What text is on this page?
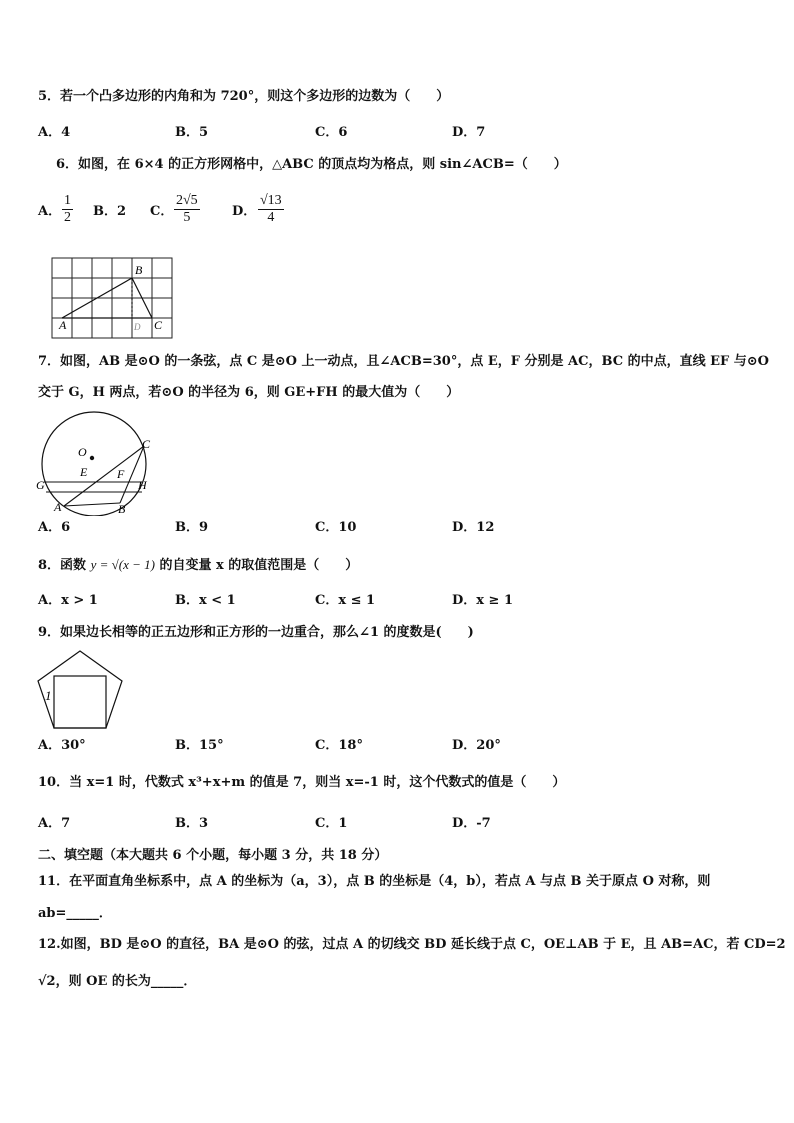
5．若一个凸多边形的内角和为 720°，则这个多边形的边数为（　　）
A．4	B．5	C．6	D．7
6．如图，在 6×4 的正方形网格中，△ABC 的顶点均为格点，则 sin∠ACB=（　　）
A． $\frac{1}{2}$ B．2 C． $\frac{2√5}{5}$ D． $\frac{√13}{4}$
B
A	C
D
7．如图，AB 是⊙O 的一条弦，点 C 是⊙O 上一动点，且∠ACB=30°，点 E，F 分别是 AC，BC 的中点，直线 EF 与⊙O
交于 G，H 两点，若⊙O 的半径为 6，则 GE+FH 的最大值为（　　）
O
C
E F
G	H
A	B
A．6	B．9	C．10	D．12
8．函数 y = √(x − 1) 的自变量 x 的取值范围是（　　）
A．x > 1	B．x < 1	C．x ≤ 1	D．x ≥ 1
9．如果边长相等的正五边形和正方形的一边重合，那么∠1 的度数是(　　)
1
A．30°	B．15°	C．18°	D．20°
10．当 x=1 时，代数式 x³+x+m 的值是 7，则当 x=-1 时，这个代数式的值是（　　）
A．7	B．3	C．1	D．-7
二、填空题（本大题共 6 个小题，每小题 3 分，共 18 分）
11．在平面直角坐标系中，点 A 的坐标为（a，3），点 B 的坐标是（4，b），若点 A 与点 B 关于原点 O 对称，则
ab=_____．
12.如图，BD 是⊙O 的直径，BA 是⊙O 的弦，过点 A 的切线交 BD 延长线于点 C，OE⊥AB 于 E，且 AB=AC，若 CD=2
√2，则 OE 的长为_____．
